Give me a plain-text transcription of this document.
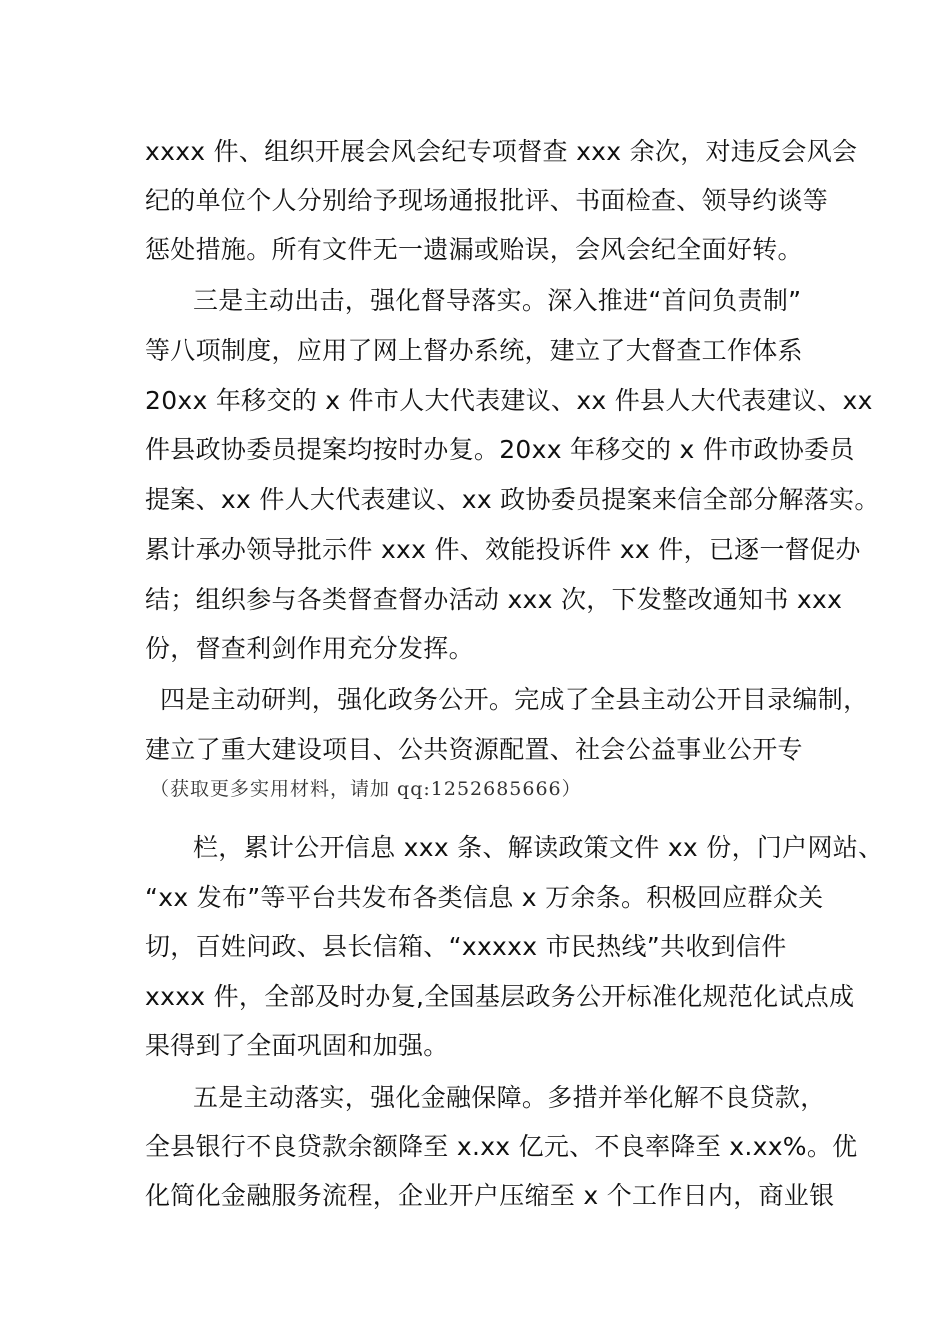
xxxx 件、组织开展会风会纪专项督查 xxx 余次，对违反会风会
纪的单位个人分别给予现场通报批评、书面检查、领导约谈等
惩处措施。所有文件无一遗漏或贻误，会风会纪全面好转。
三是主动出击，强化督导落实。深入推进“首问负责制”
等八项制度，应用了网上督办系统，建立了大督查工作体系
20xx 年移交的 x 件市人大代表建议、xx 件县人大代表建议、xx
件县政协委员提案均按时办复。20xx 年移交的 x 件市政协委员
提案、xx 件人大代表建议、xx 政协委员提案来信全部分解落实。
累计承办领导批示件 xxx 件、效能投诉件 xx 件，已逐一督促办
结；组织参与各类督查督办活动 xxx 次，下发整改通知书 xxx
份，督查利剑作用充分发挥。
四是主动研判，强化政务公开。完成了全县主动公开目录编制，
建立了重大建设项目、公共资源配置、社会公益事业公开专
（获取更多实用材料，请加 qq:1252685666）
栏，累计公开信息 xxx 条、解读政策文件 xx 份，门户网站、
“xx 发布”等平台共发布各类信息 x 万余条。积极回应群众关
切，百姓问政、县长信箱、“xxxxx 市民热线”共收到信件
xxxx 件，全部及时办复,全国基层政务公开标准化规范化试点成
果得到了全面巩固和加强。
五是主动落实，强化金融保障。多措并举化解不良贷款，
全县银行不良贷款余额降至 x.xx 亿元、不良率降至 x.xx%。优
化简化金融服务流程，企业开户压缩至 x 个工作日内，商业银
